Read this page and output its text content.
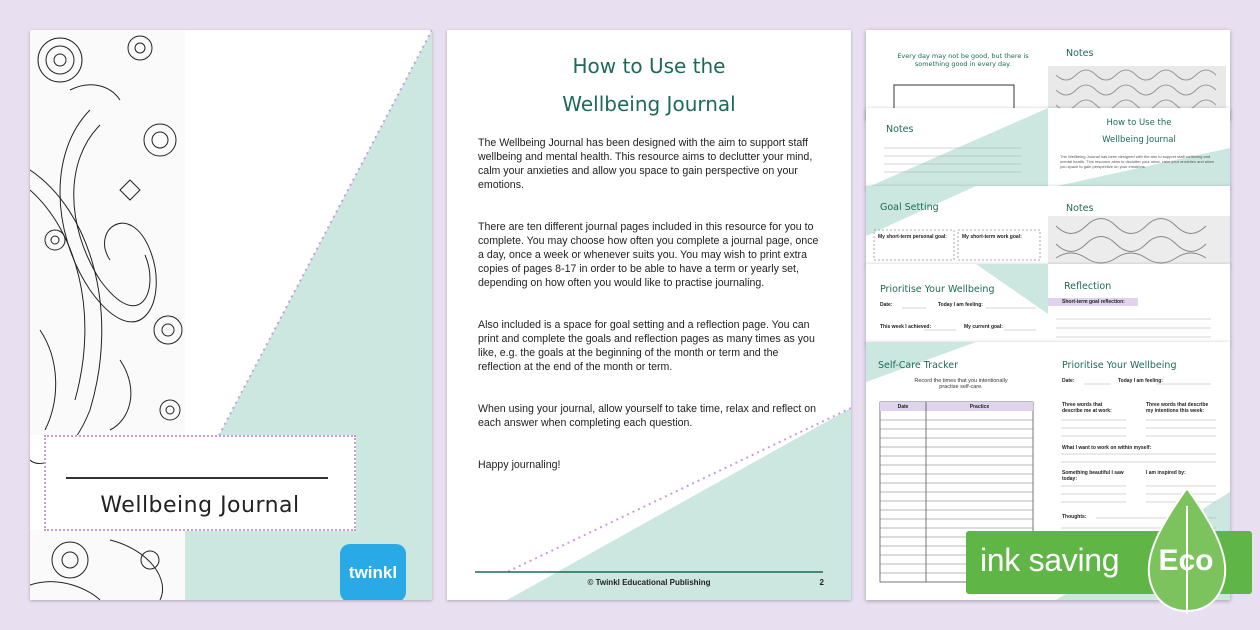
Wellbeing Journal
twinkl
How to Use the
Wellbeing Journal

The Wellbeing Journal has been designed with the aim to support staff wellbeing and mental health. This resource aims to declutter your mind, calm your anxieties and allow you space to gain perspective on your emotions.

There are ten different journal pages included in this resource for you to complete. You may choose how often you complete a journal page, once a day, once a week or whenever suits you. You may wish to print extra copies of pages 8-17 in order to be able to have a term or yearly set, depending on how often you would like to practise journaling.

Also included is a space for goal setting and a reflection page. You can print and complete the goals and reflection pages as many times as you like, e.g. the goals at the beginning of the month or term and the reflection at the end of the month or term.

When using your journal, allow yourself to take time, relax and reflect on each answer when completing each question.

Happy journaling!

© Twinkl Educational Publishing	2
Every day may not be good, but there is something good in every day.
Notes
Notes
How to Use the
Wellbeing Journal
The Wellbeing Journal has been designed with the aim to support staff wellbeing and mental health. This resource aims to declutter your mind, calm your anxieties and allow you space to gain perspective on your emotions.
Goal Setting
My short-term personal goal:	My short-term work goal:
Notes
Prioritise Your Wellbeing
Date:	Today I am feeling:
This week I achieved:	My current goal:
Reflection
Short-term goal reflection:
Self-Care Tracker
Record the times that you intentionally practise self-care.
Date	Practice
Prioritise Your Wellbeing
Date:	Today I am feeling:
Three words that describe me at work:
Three words that describe my intentions this week:
What I want to work on within myself:
Something beautiful I saw today:
I am inspired by:
Thoughts:
ink saving Eco
